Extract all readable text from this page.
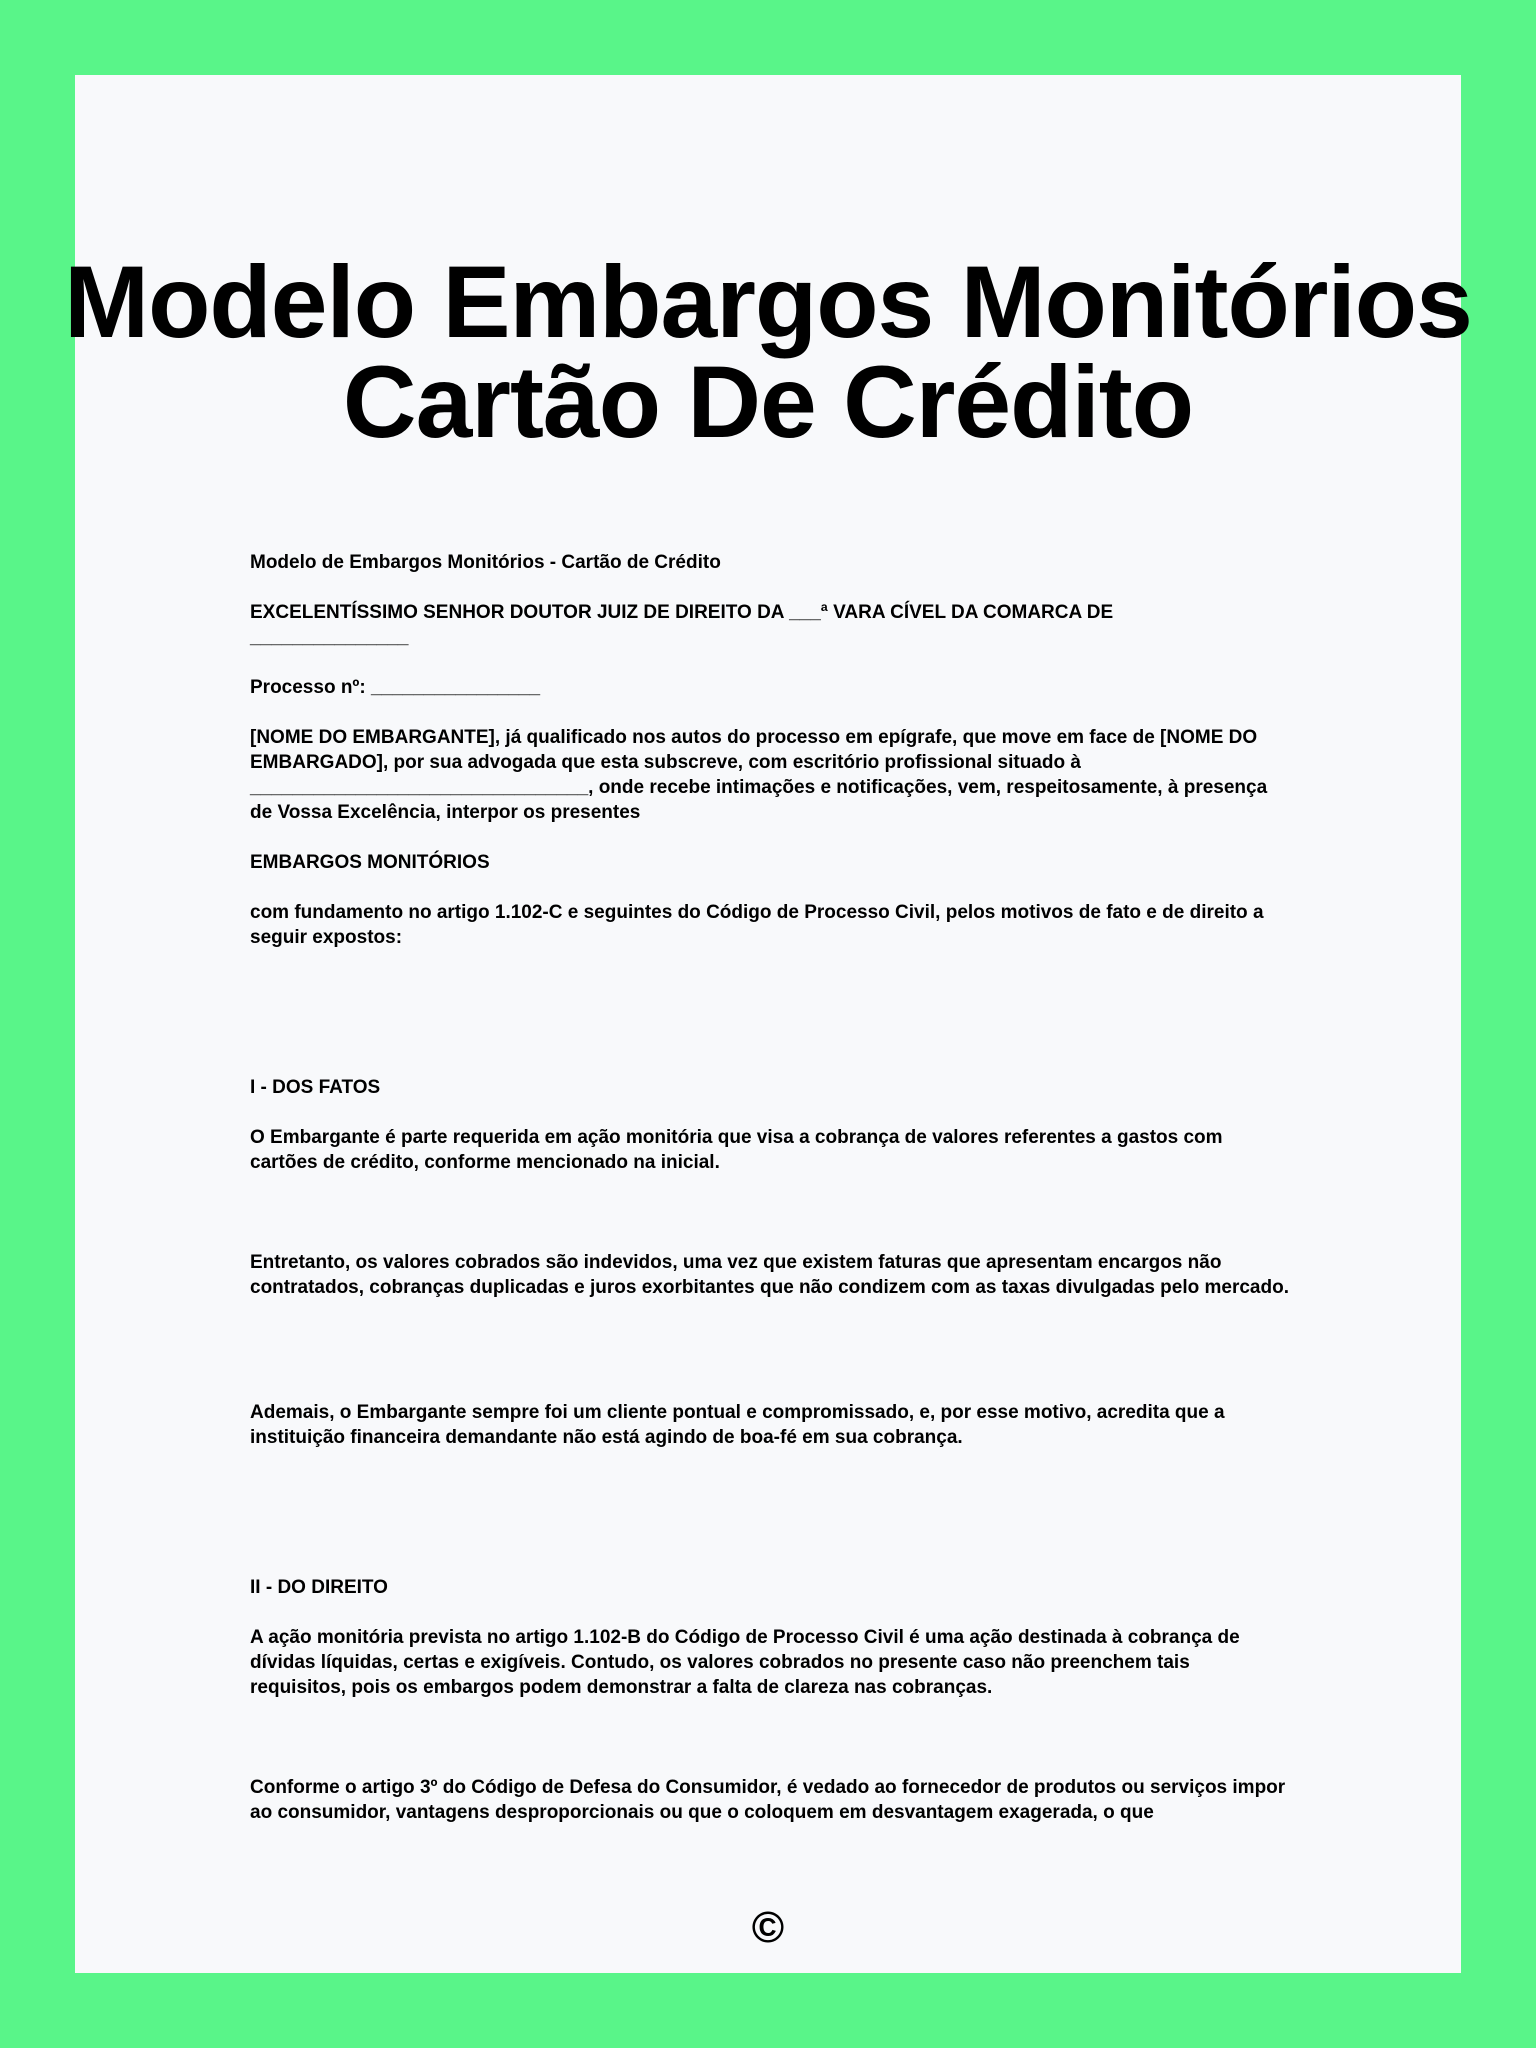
Modelo Embargos Monitórios
Cartão De Crédito

Modelo de Embargos Monitórios - Cartão de Crédito

EXCELENTÍSSIMO SENHOR DOUTOR JUIZ DE DIREITO DA ___ª VARA CÍVEL DA COMARCA DE

_______________

Processo nº: ________________

[NOME DO EMBARGANTE], já qualificado nos autos do processo em epígrafe, que move em face de [NOME DO EMBARGADO], por sua advogada que esta subscreve, com escritório profissional situado à ________________________________, onde recebe intimações e notificações, vem, respeitosamente, à presença de Vossa Excelência, interpor os presentes

EMBARGOS MONITÓRIOS

com fundamento no artigo 1.102-C e seguintes do Código de Processo Civil, pelos motivos de fato e de direito a seguir expostos:

I - DOS FATOS

O Embargante é parte requerida em ação monitória que visa a cobrança de valores referentes a gastos com cartões de crédito, conforme mencionado na inicial.

Entretanto, os valores cobrados são indevidos, uma vez que existem faturas que apresentam encargos não contratados, cobranças duplicadas e juros exorbitantes que não condizem com as taxas divulgadas pelo mercado.

Ademais, o Embargante sempre foi um cliente pontual e compromissado, e, por esse motivo, acredita que a instituição financeira demandante não está agindo de boa-fé em sua cobrança.

II - DO DIREITO

A ação monitória prevista no artigo 1.102-B do Código de Processo Civil é uma ação destinada à cobrança de dívidas líquidas, certas e exigíveis. Contudo, os valores cobrados no presente caso não preenchem tais requisitos, pois os embargos podem demonstrar a falta de clareza nas cobranças.

Conforme o artigo 3º do Código de Defesa do Consumidor, é vedado ao fornecedor de produtos ou serviços impor ao consumidor, vantagens desproporcionais ou que o coloquem em desvantagem exagerada, o que

©
